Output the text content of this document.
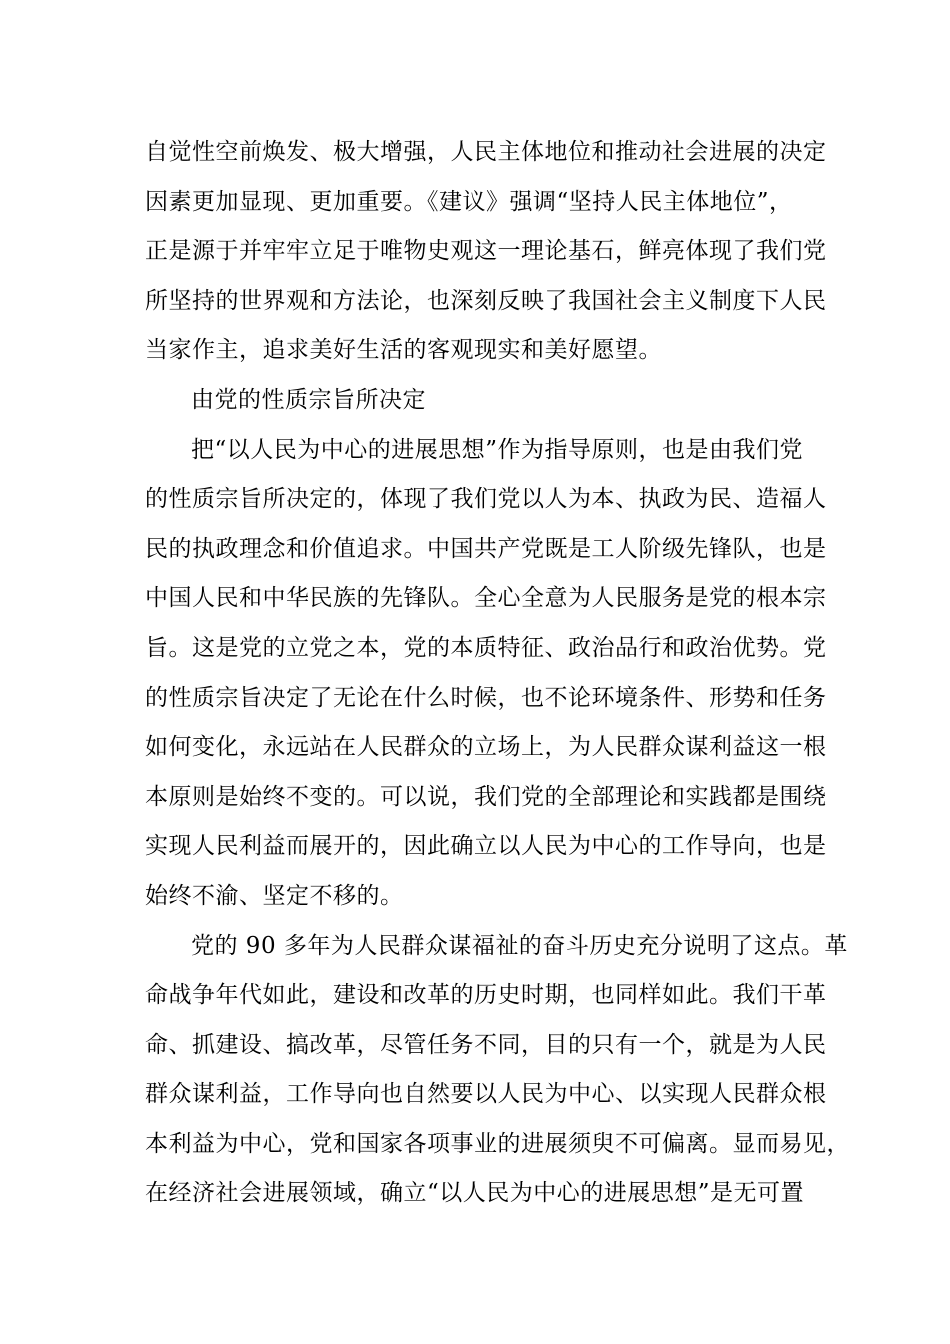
自觉性空前焕发、极大增强，人民主体地位和推动社会进展的决定
因素更加显现、更加重要。《建议》强调“坚持人民主体地位”，
正是源于并牢牢立足于唯物史观这一理论基石，鲜亮体现了我们党
所坚持的世界观和方法论，也深刻反映了我国社会主义制度下人民
当家作主，追求美好生活的客观现实和美好愿望。
由党的性质宗旨所决定
把“以人民为中心的进展思想”作为指导原则，也是由我们党
的性质宗旨所决定的，体现了我们党以人为本、执政为民、造福人
民的执政理念和价值追求。中国共产党既是工人阶级先锋队，也是
中国人民和中华民族的先锋队。全心全意为人民服务是党的根本宗
旨。这是党的立党之本，党的本质特征、政治品行和政治优势。党
的性质宗旨决定了无论在什么时候，也不论环境条件、形势和任务
如何变化，永远站在人民群众的立场上，为人民群众谋利益这一根
本原则是始终不变的。可以说，我们党的全部理论和实践都是围绕
实现人民利益而展开的，因此确立以人民为中心的工作导向，也是
始终不渝、坚定不移的。
党的 90 多年为人民群众谋福祉的奋斗历史充分说明了这点。革
命战争年代如此，建设和改革的历史时期，也同样如此。我们干革
命、抓建设、搞改革，尽管任务不同，目的只有一个，就是为人民
群众谋利益，工作导向也自然要以人民为中心、以实现人民群众根
本利益为中心，党和国家各项事业的进展须臾不可偏离。显而易见，
在经济社会进展领域，确立“以人民为中心的进展思想”是无可置
